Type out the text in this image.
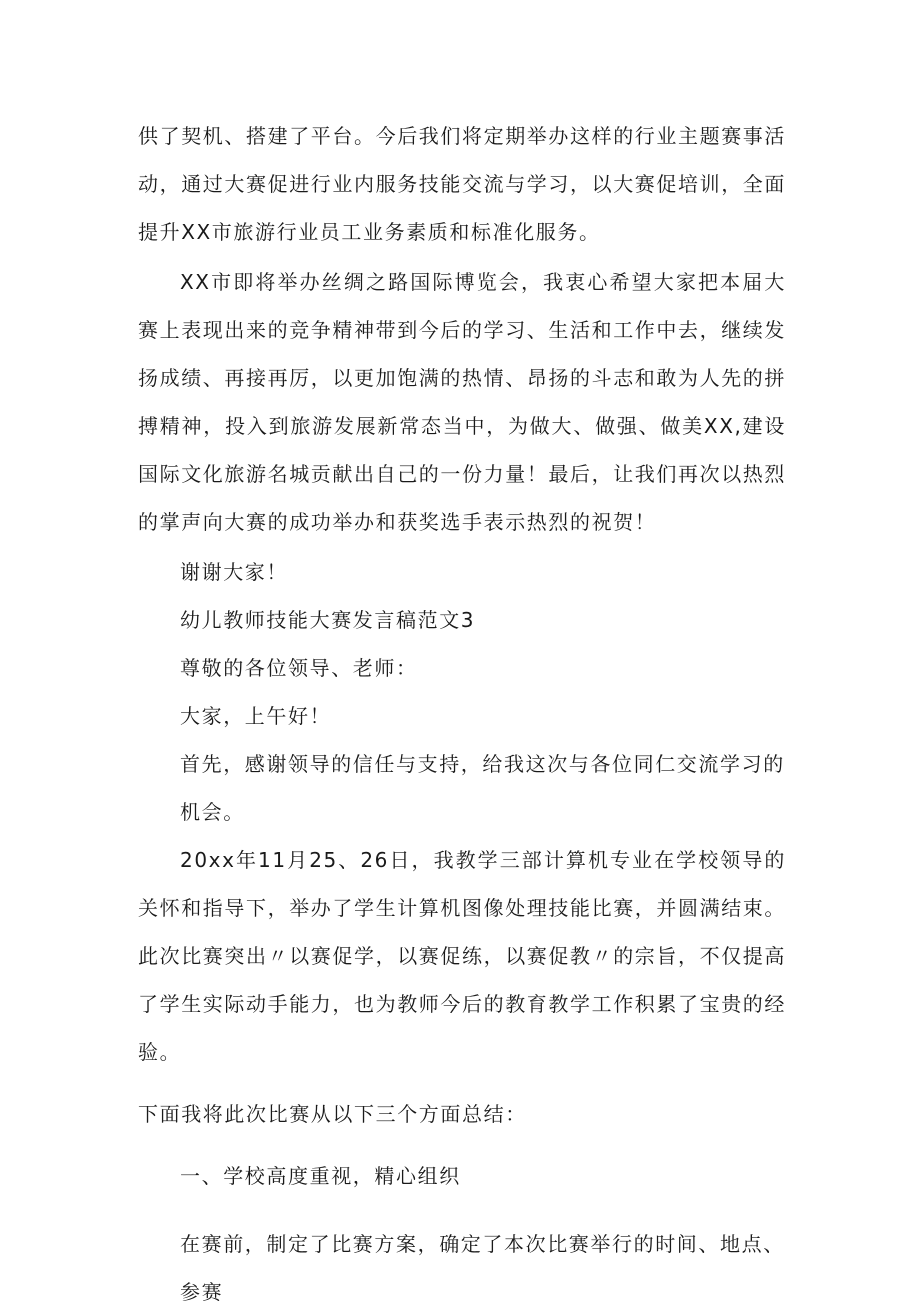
供了契机、搭建了平台。今后我们将定期举办这样的行业主题赛事活动，通过大赛促进行业内服务技能交流与学习，以大赛促培训，全面提升XX市旅游行业员工业务素质和标准化服务。

XX市即将举办丝绸之路国际博览会，我衷心希望大家把本届大赛上表现出来的竞争精神带到今后的学习、生活和工作中去，继续发扬成绩、再接再厉，以更加饱满的热情、昂扬的斗志和敢为人先的拼搏精神，投入到旅游发展新常态当中，为做大、做强、做美XX,建设国际文化旅游名城贡献出自己的一份力量！最后，让我们再次以热烈的掌声向大赛的成功举办和获奖选手表示热烈的祝贺！

谢谢大家！

幼儿教师技能大赛发言稿范文3

尊敬的各位领导、老师：

大家，上午好！

首先，感谢领导的信任与支持，给我这次与各位同仁交流学习的机会。

20xx年11月25、26日，我教学三部计算机专业在学校领导的关怀和指导下，举办了学生计算机图像处理技能比赛，并圆满结束。此次比赛突出〃以赛促学，以赛促练，以赛促教〃的宗旨，不仅提高了学生实际动手能力，也为教师今后的教育教学工作积累了宝贵的经验。

下面我将此次比赛从以下三个方面总结：

一、学校高度重视，精心组织

在赛前，制定了比赛方案，确定了本次比赛举行的时间、地点、参赛
